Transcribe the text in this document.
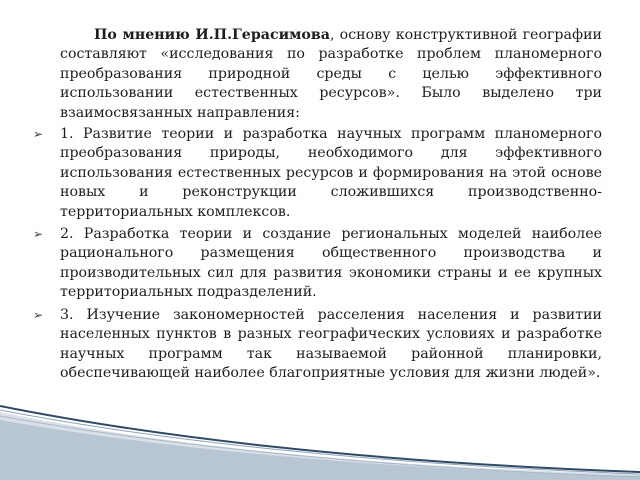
По мнению И.П.Герасимова, основу конструктивной географии составляют «исследования по разработке проблем планомерного преобразования природной среды с целью эффективного использовании естественных ресурсов». Было выделено три взаимосвязанных направления:

➢ 1. Развитие теории и разработка научных программ планомерного преобразования природы, необходимого для эффективного использования естественных ресурсов и формирования на этой основе новых и реконструкции сложившихся производственно-территориальных комплексов.
➢ 2. Разработка теории и создание региональных моделей наиболее рационального размещения общественного производства и производительных сил для развития экономики страны и ее крупных территориальных подразделений.
➢ 3. Изучение закономерностей расселения населения и развитии населенных пунктов в разных географических условиях и разработке научных программ так называемой районной планировки, обеспечивающей наиболее благоприятные условия для жизни людей».
